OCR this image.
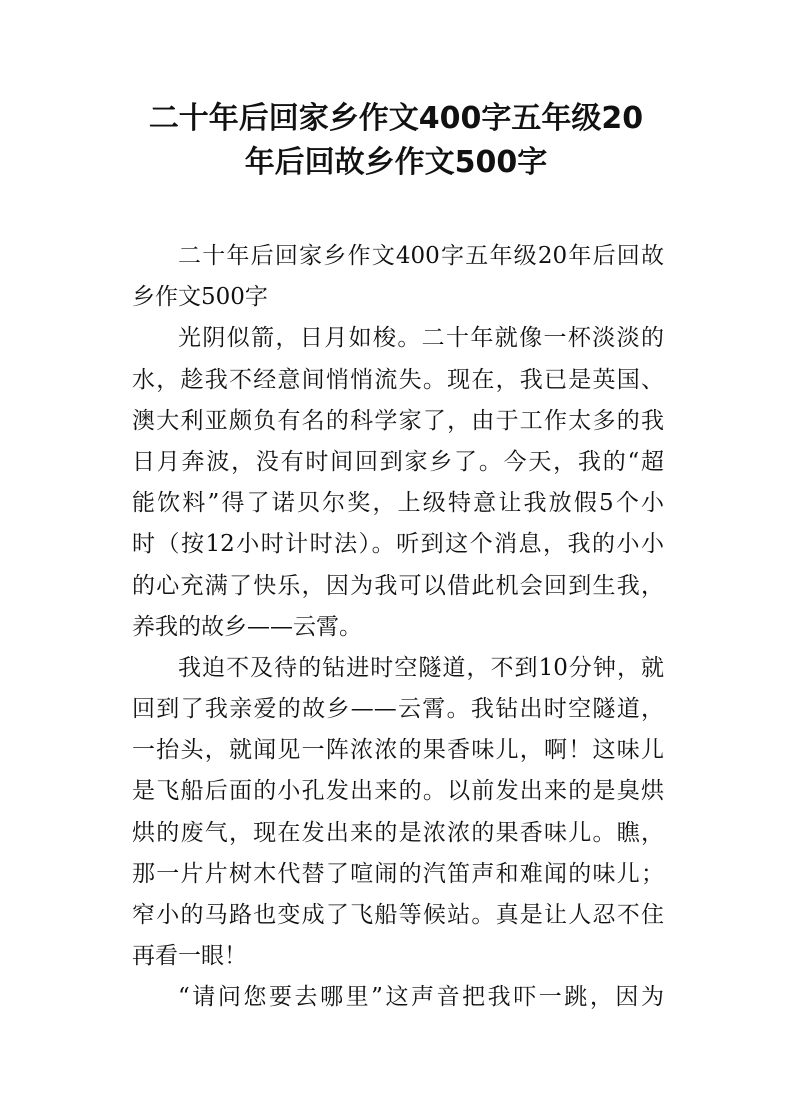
二十年后回家乡作文400字五年级20
年后回故乡作文500字
二十年后回家乡作文400字五年级20年后回故
乡作文500字
光阴似箭，日月如梭。二十年就像一杯淡淡的
水，趁我不经意间悄悄流失。现在，我已是英国、
澳大利亚颇负有名的科学家了，由于工作太多的我
日月奔波，没有时间回到家乡了。今天，我的“超
能饮料”得了诺贝尔奖，上级特意让我放假5个小
时（按12小时计时法）。听到这个消息，我的小小
的心充满了快乐，因为我可以借此机会回到生我，
养我的故乡——云霄。
我迫不及待的钻进时空隧道，不到10分钟，就
回到了我亲爱的故乡——云霄。我钻出时空隧道，
一抬头，就闻见一阵浓浓的果香味儿，啊！这味儿
是飞船后面的小孔发出来的。以前发出来的是臭烘
烘的废气，现在发出来的是浓浓的果香味儿。瞧，
那一片片树木代替了喧闹的汽笛声和难闻的味儿；
窄小的马路也变成了飞船等候站。真是让人忍不住
再看一眼！
“请问您要去哪里”这声音把我吓一跳，因为
